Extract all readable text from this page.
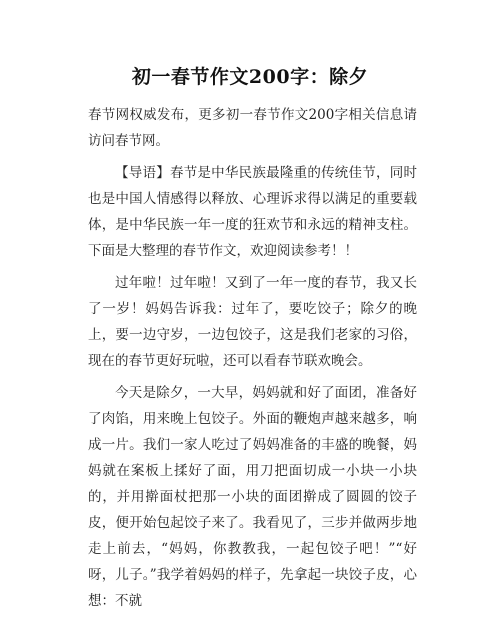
初一春节作文200字：除夕

春节网权威发布，更多初一春节作文200字相关信息请访问春节网。

【导语】春节是中华民族最隆重的传统佳节，同时也是中国人情感得以释放、心理诉求得以满足的重要载体，是中华民族一年一度的狂欢节和永远的精神支柱。下面是大整理的春节作文，欢迎阅读参考！！

过年啦！过年啦！又到了一年一度的春节，我又长了一岁！妈妈告诉我：过年了，要吃饺子；除夕的晚上，要一边守岁，一边包饺子，这是我们老家的习俗，现在的春节更好玩啦，还可以看春节联欢晚会。

今天是除夕，一大早，妈妈就和好了面团，准备好了肉馅，用来晚上包饺子。外面的鞭炮声越来越多，响成一片。我们一家人吃过了妈妈准备的丰盛的晚餐，妈妈就在案板上揉好了面，用刀把面切成一小块一小块的，并用擀面杖把那一小块的面团擀成了圆圆的饺子皮，便开始包起饺子来了。我看见了，三步并做两步地走上前去，“妈妈，你教教我，一起包饺子吧！”“好呀，儿子。”我学着妈妈的样子，先拿起一块饺子皮，心想：不就
